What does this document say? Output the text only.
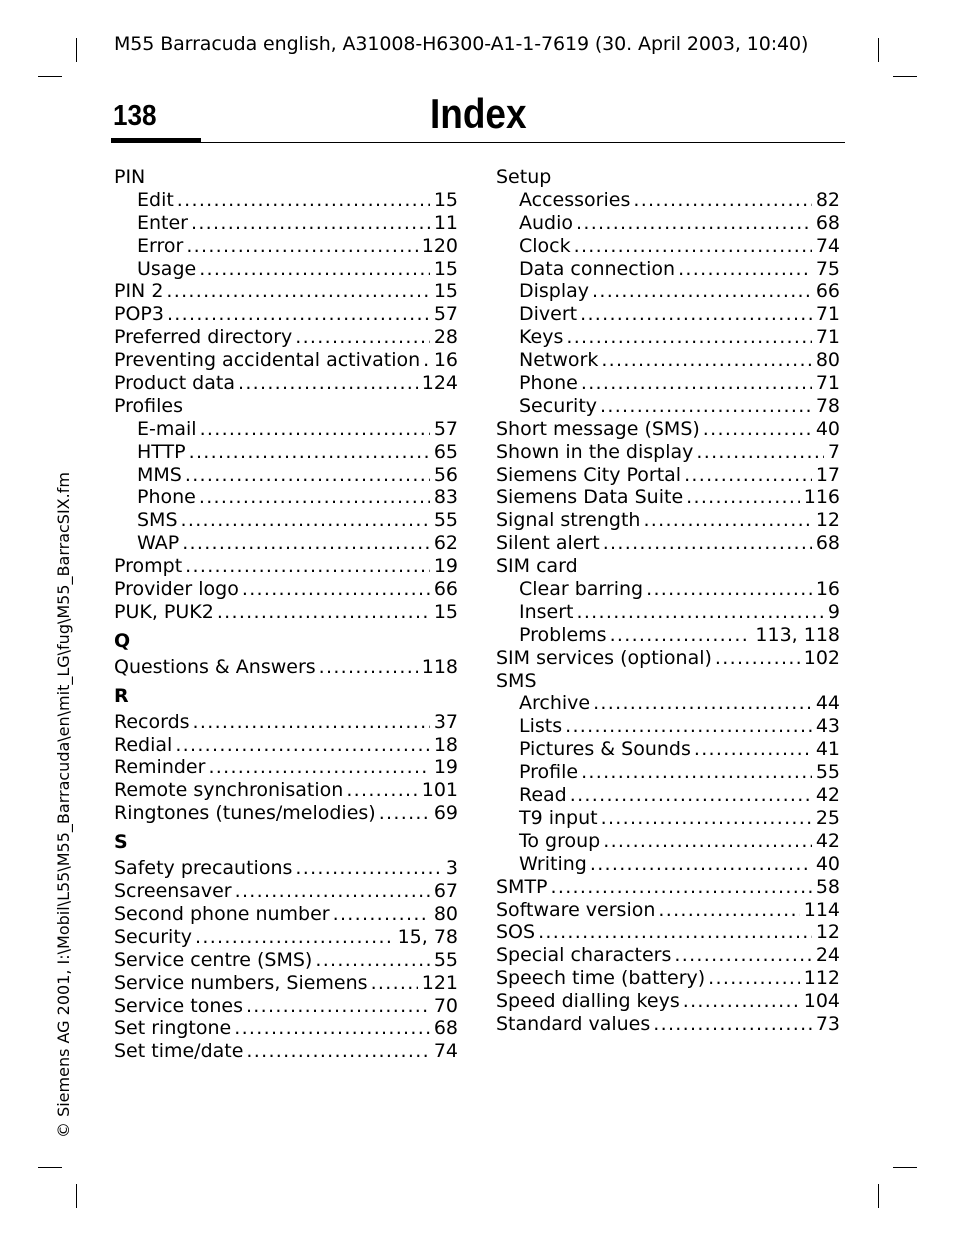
M55 Barracuda english, A31008-H6300-A1-1-7619 (30. April 2003, 10:40)
© Siemens AG 2001, I:\Mobil\L55\M55_Barracuda\en\mit_LG\fug\M55_BarracSIX.fm
138	Index
PIN
Edit .....	15
Enter .....	11
Error .....	120
Usage .....	15
PIN 2 .....	15
POP3 .....	57
Preferred directory .....	28
Preventing accidental activation ..... 16
Product data .....	124
Profiles
E-mail .....	57
HTTP .....	65
MMS .....	56
Phone .....	83
SMS .....	55
WAP .....	62
Prompt .....	19
Provider logo .....	66
PUK, PUK2 .....	15
Q
Questions & Answers .....	118
R
Records .....	37
Redial .....	18
Reminder .....	19
Remote synchronisation .....	101
Ringtones (tunes/melodies) .....	69
S
Safety precautions .....	3
Screensaver .....	67
Second phone number .....	80
Security .....	15, 78
Service centre (SMS) .....	55
Service numbers, Siemens .....	121
Service tones .....	70
Set ringtone .....	68
Set time/date .....	74
Setup
Accessories .....	82
Audio .....	68
Clock .....	74
Data connection .....	75
Display .....	66
Divert .....	71
Keys .....	71
Network .....	80
Phone .....	71
Security .....	78
Short message (SMS) .....	40
Shown in the display .....	7
Siemens City Portal .....	17
Siemens Data Suite .....	116
Signal strength .....	12
Silent alert .....	68
SIM card
Clear barring .....	16
Insert .....	9
Problems .....	113, 118
SIM services (optional) .....	102
SMS
Archive .....	44
Lists .....	43
Pictures & Sounds .....	41
Profile .....	55
Read .....	42
T9 input .....	25
To group .....	42
Writing .....	40
SMTP .....	58
Software version .....	114
SOS .....	12
Special characters .....	24
Speech time (battery) .....	112
Speed dialling keys .....	104
Standard values .....	73
